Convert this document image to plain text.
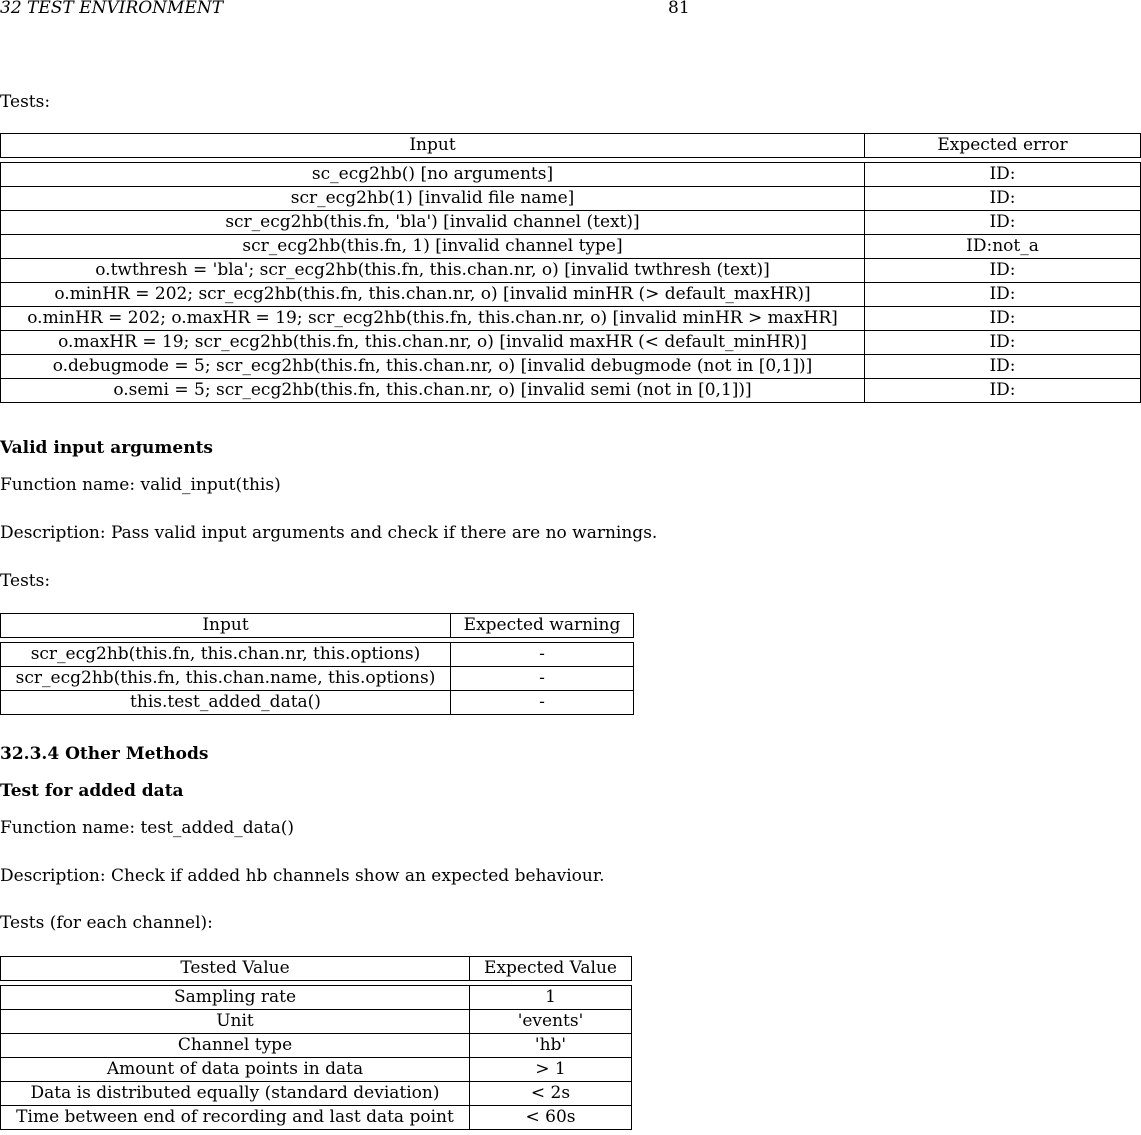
32 TEST ENVIRONMENT	81
Tests:
Input	Expected error

sc_ecg2hb() [no arguments]	ID:
scr_ecg2hb(1) [invalid file name]	ID:
scr_ecg2hb(this.fn, 'bla') [invalid channel (text)]	ID:
scr_ecg2hb(this.fn, 1) [invalid channel type]	ID:not_a
o.twthresh = 'bla'; scr_ecg2hb(this.fn, this.chan.nr, o) [invalid twthresh (text)]	ID:
o.minHR = 202; scr_ecg2hb(this.fn, this.chan.nr, o) [invalid minHR (> default_maxHR)]	ID:
o.minHR = 202; o.maxHR = 19; scr_ecg2hb(this.fn, this.chan.nr, o) [invalid minHR > maxHR]	ID:
o.maxHR = 19; scr_ecg2hb(this.fn, this.chan.nr, o) [invalid maxHR (< default_minHR)]	ID:
o.debugmode = 5; scr_ecg2hb(this.fn, this.chan.nr, o) [invalid debugmode (not in [0,1])]	ID:
o.semi = 5; scr_ecg2hb(this.fn, this.chan.nr, o) [invalid semi (not in [0,1])]	ID:
Valid input arguments
Function name: valid_input(this)
Description: Pass valid input arguments and check if there are no warnings.
Tests:
Input	Expected warning

scr_ecg2hb(this.fn, this.chan.nr, this.options)	-
scr_ecg2hb(this.fn, this.chan.name, this.options)	-
this.test_added_data()	-
32.3.4 Other Methods
Test for added data
Function name: test_added_data()
Description: Check if added hb channels show an expected behaviour.
Tests (for each channel):
Tested Value	Expected Value

Sampling rate	1
Unit	'events'
Channel type	'hb'
Amount of data points in data	> 1
Data is distributed equally (standard deviation)	< 2s
Time between end of recording and last data point	< 60s
